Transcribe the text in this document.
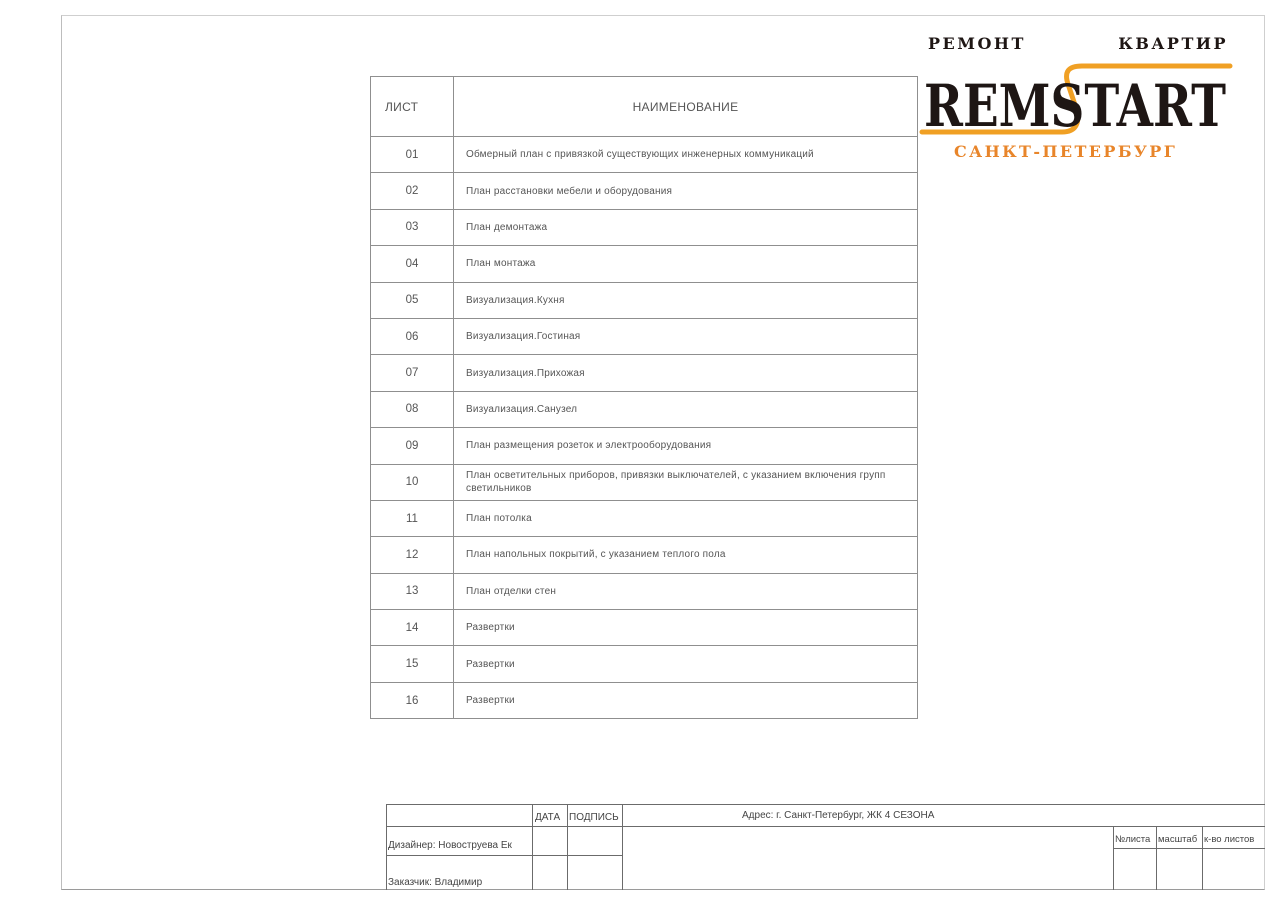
РЕМОНТ	КВАРТИР
REMSTART
САНКТ-ПЕТЕРБУРГ
ЛИСТ	НАИМЕНОВАНИЕ
01	Обмерный план с привязкой существующих инженерных коммуникаций
02	План расстановки мебели и оборудования
03	План демонтажа
04	План монтажа
05	Визуализация.Кухня
06	Визуализация.Гостиная
07	Визуализация.Прихожая
08	Визуализация.Санузел
09	План размещения розеток и электрооборудования
10	План осветительных приборов, привязки выключателей, с указанием включения групп светильников
11	План потолка
12	План напольных покрытий, с указанием теплого пола
13	План отделки стен
14	Развертки
15	Развертки
16	Развертки
ДАТА ПОДПИСЬ	Адрес: г. Санкт-Петербург, ЖК 4 СЕЗОНА
Дизайнер: Новоструева Ек
Заказчик: Владимир
№листа масштаб к-во листов
